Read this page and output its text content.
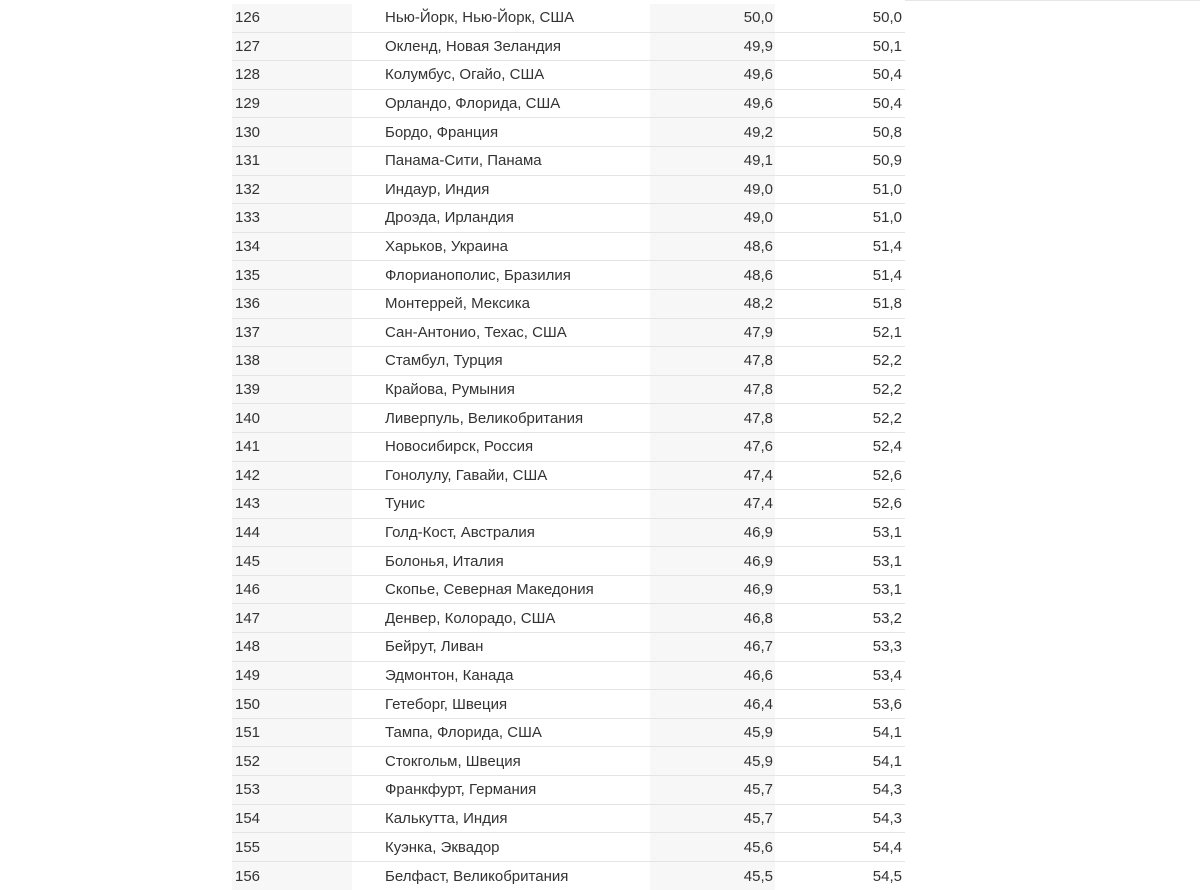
126	Нью-Йорк, Нью-Йорк, США	50,0	50,0
127	Окленд, Новая Зеландия	49,9	50,1
128	Колумбус, Огайо, США	49,6	50,4
129	Орландо, Флорида, США	49,6	50,4
130	Бордо, Франция	49,2	50,8
131	Панама-Сити, Панама	49,1	50,9
132	Индаур, Индия	49,0	51,0
133	Дроэда, Ирландия	49,0	51,0
134	Харьков, Украина	48,6	51,4
135	Флорианополис, Бразилия	48,6	51,4
136	Монтеррей, Мексика	48,2	51,8
137	Сан-Антонио, Техас, США	47,9	52,1
138	Стамбул, Турция	47,8	52,2
139	Крайова, Румыния	47,8	52,2
140	Ливерпуль, Великобритания	47,8	52,2
141	Новосибирск, Россия	47,6	52,4
142	Гонолулу, Гавайи, США	47,4	52,6
143	Тунис	47,4	52,6
144	Голд-Кост, Австралия	46,9	53,1
145	Болонья, Италия	46,9	53,1
146	Скопье, Северная Македония	46,9	53,1
147	Денвер, Колорадо, США	46,8	53,2
148	Бейрут, Ливан	46,7	53,3
149	Эдмонтон, Канада	46,6	53,4
150	Гетеборг, Швеция	46,4	53,6
151	Тампа, Флорида, США	45,9	54,1
152	Стокгольм, Швеция	45,9	54,1
153	Франкфурт, Германия	45,7	54,3
154	Калькутта, Индия	45,7	54,3
155	Куэнка, Эквадор	45,6	54,4
156	Белфаст, Великобритания	45,5	54,5
